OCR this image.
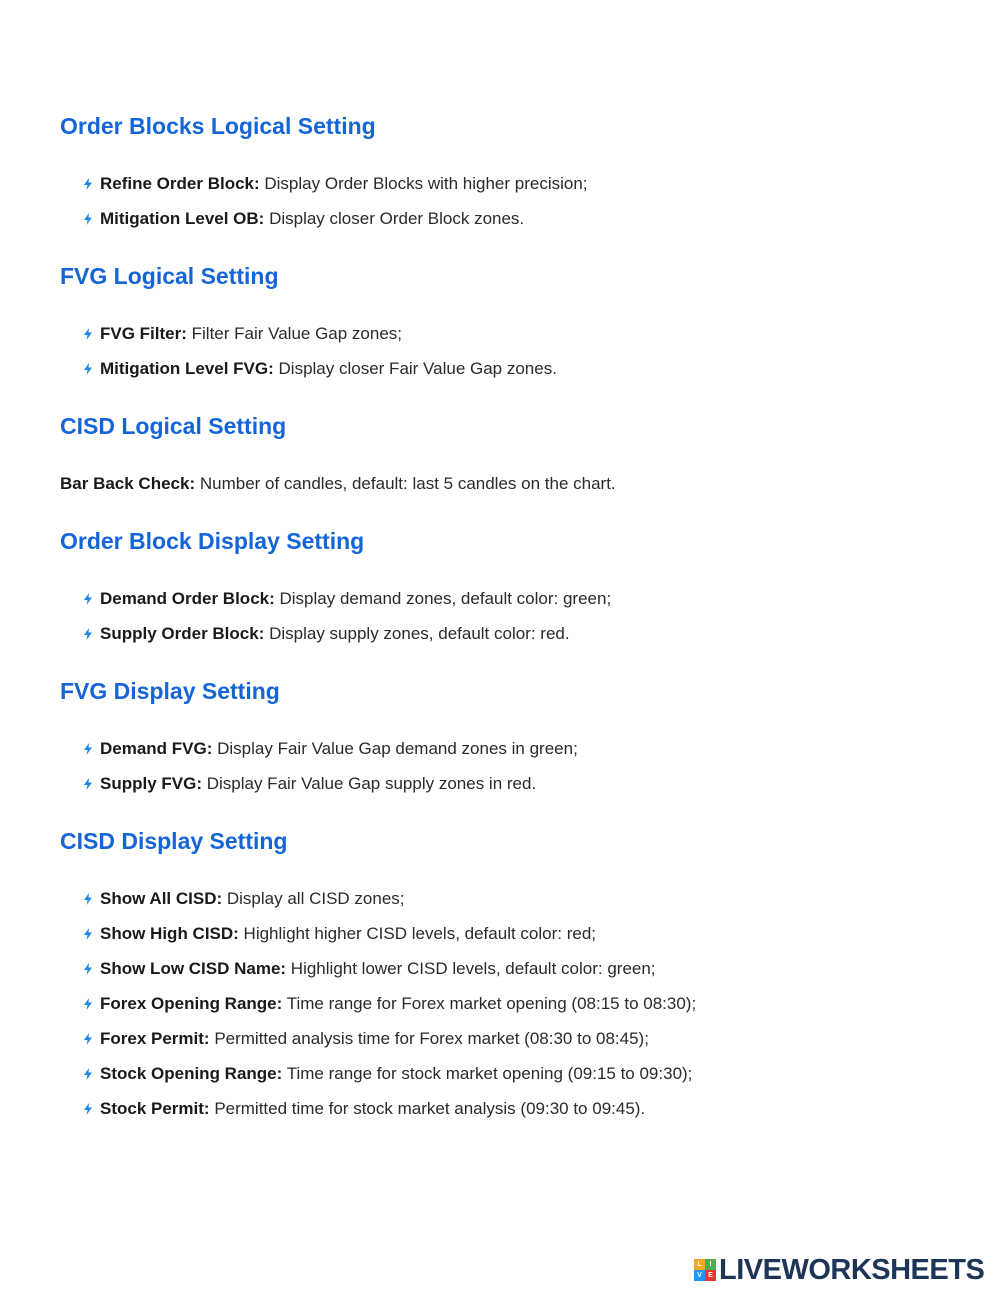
Order Blocks Logical Setting
Refine Order Block: Display Order Blocks with higher precision;
Mitigation Level OB: Display closer Order Block zones.
FVG Logical Setting
FVG Filter: Filter Fair Value Gap zones;
Mitigation Level FVG: Display closer Fair Value Gap zones.
CISD Logical Setting
Bar Back Check: Number of candles, default: last 5 candles on the chart.
Order Block Display Setting
Demand Order Block: Display demand zones, default color: green;
Supply Order Block: Display supply zones, default color: red.
FVG Display Setting
Demand FVG: Display Fair Value Gap demand zones in green;
Supply FVG: Display Fair Value Gap supply zones in red.
CISD Display Setting
Show All CISD: Display all CISD zones;
Show High CISD: Highlight higher CISD levels, default color: red;
Show Low CISD Name: Highlight lower CISD levels, default color: green;
Forex Opening Range: Time range for Forex market opening (08:15 to 08:30);
Forex Permit: Permitted analysis time for Forex market (08:30 to 08:45);
Stock Opening Range: Time range for stock market opening (09:15 to 09:30);
Stock Permit: Permitted time for stock market analysis (09:30 to 09:45).
L	I
V E LIVEWORKSHEETS
